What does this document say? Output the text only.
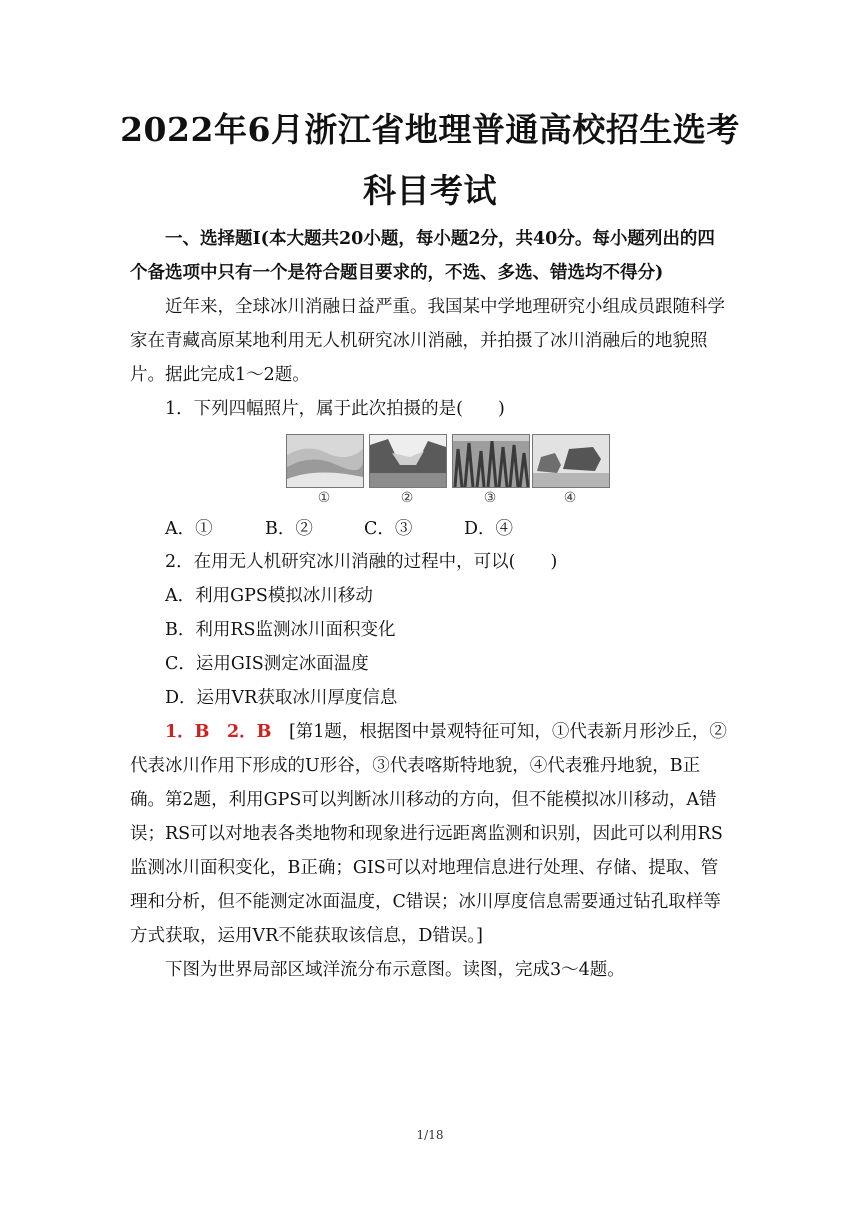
2022年6月浙江省地理普通高校招生选考
科目考试

一、选择题Ⅰ(本大题共20小题，每小题2分，共40分。每小题列出的四个备选项中只有一个是符合题目要求的，不选、多选、错选均不得分)

近年来，全球冰川消融日益严重。我国某中学地理研究小组成员跟随科学家在青藏高原某地利用无人机研究冰川消融，并拍摄了冰川消融后的地貌照片。据此完成1～2题。

1．下列四幅照片，属于此次拍摄的是(　　)
①	②	③	④
A．①	B．②	C．③	D．④
2．在用无人机研究冰川消融的过程中，可以(　　)
A．利用GPS模拟冰川移动
B．利用RS监测冰川面积变化
C．运用GIS测定冰面温度
D．运用VR获取冰川厚度信息

1．B　2．B　 [第1题，根据图中景观特征可知，①代表新月形沙丘，②代表冰川作用下形成的U形谷，③代表喀斯特地貌，④代表雅丹地貌，B正确。第2题，利用GPS可以判断冰川移动的方向，但不能模拟冰川移动，A错误；RS可以对地表各类地物和现象进行远距离监测和识别，因此可以利用RS监测冰川面积变化，B正确；GIS可以对地理信息进行处理、存储、提取、管理和分析，但不能测定冰面温度，C错误；冰川厚度信息需要通过钻孔取样等方式获取，运用VR不能获取该信息，D错误。]

下图为世界局部区域洋流分布示意图。读图，完成3～4题。

1/18
